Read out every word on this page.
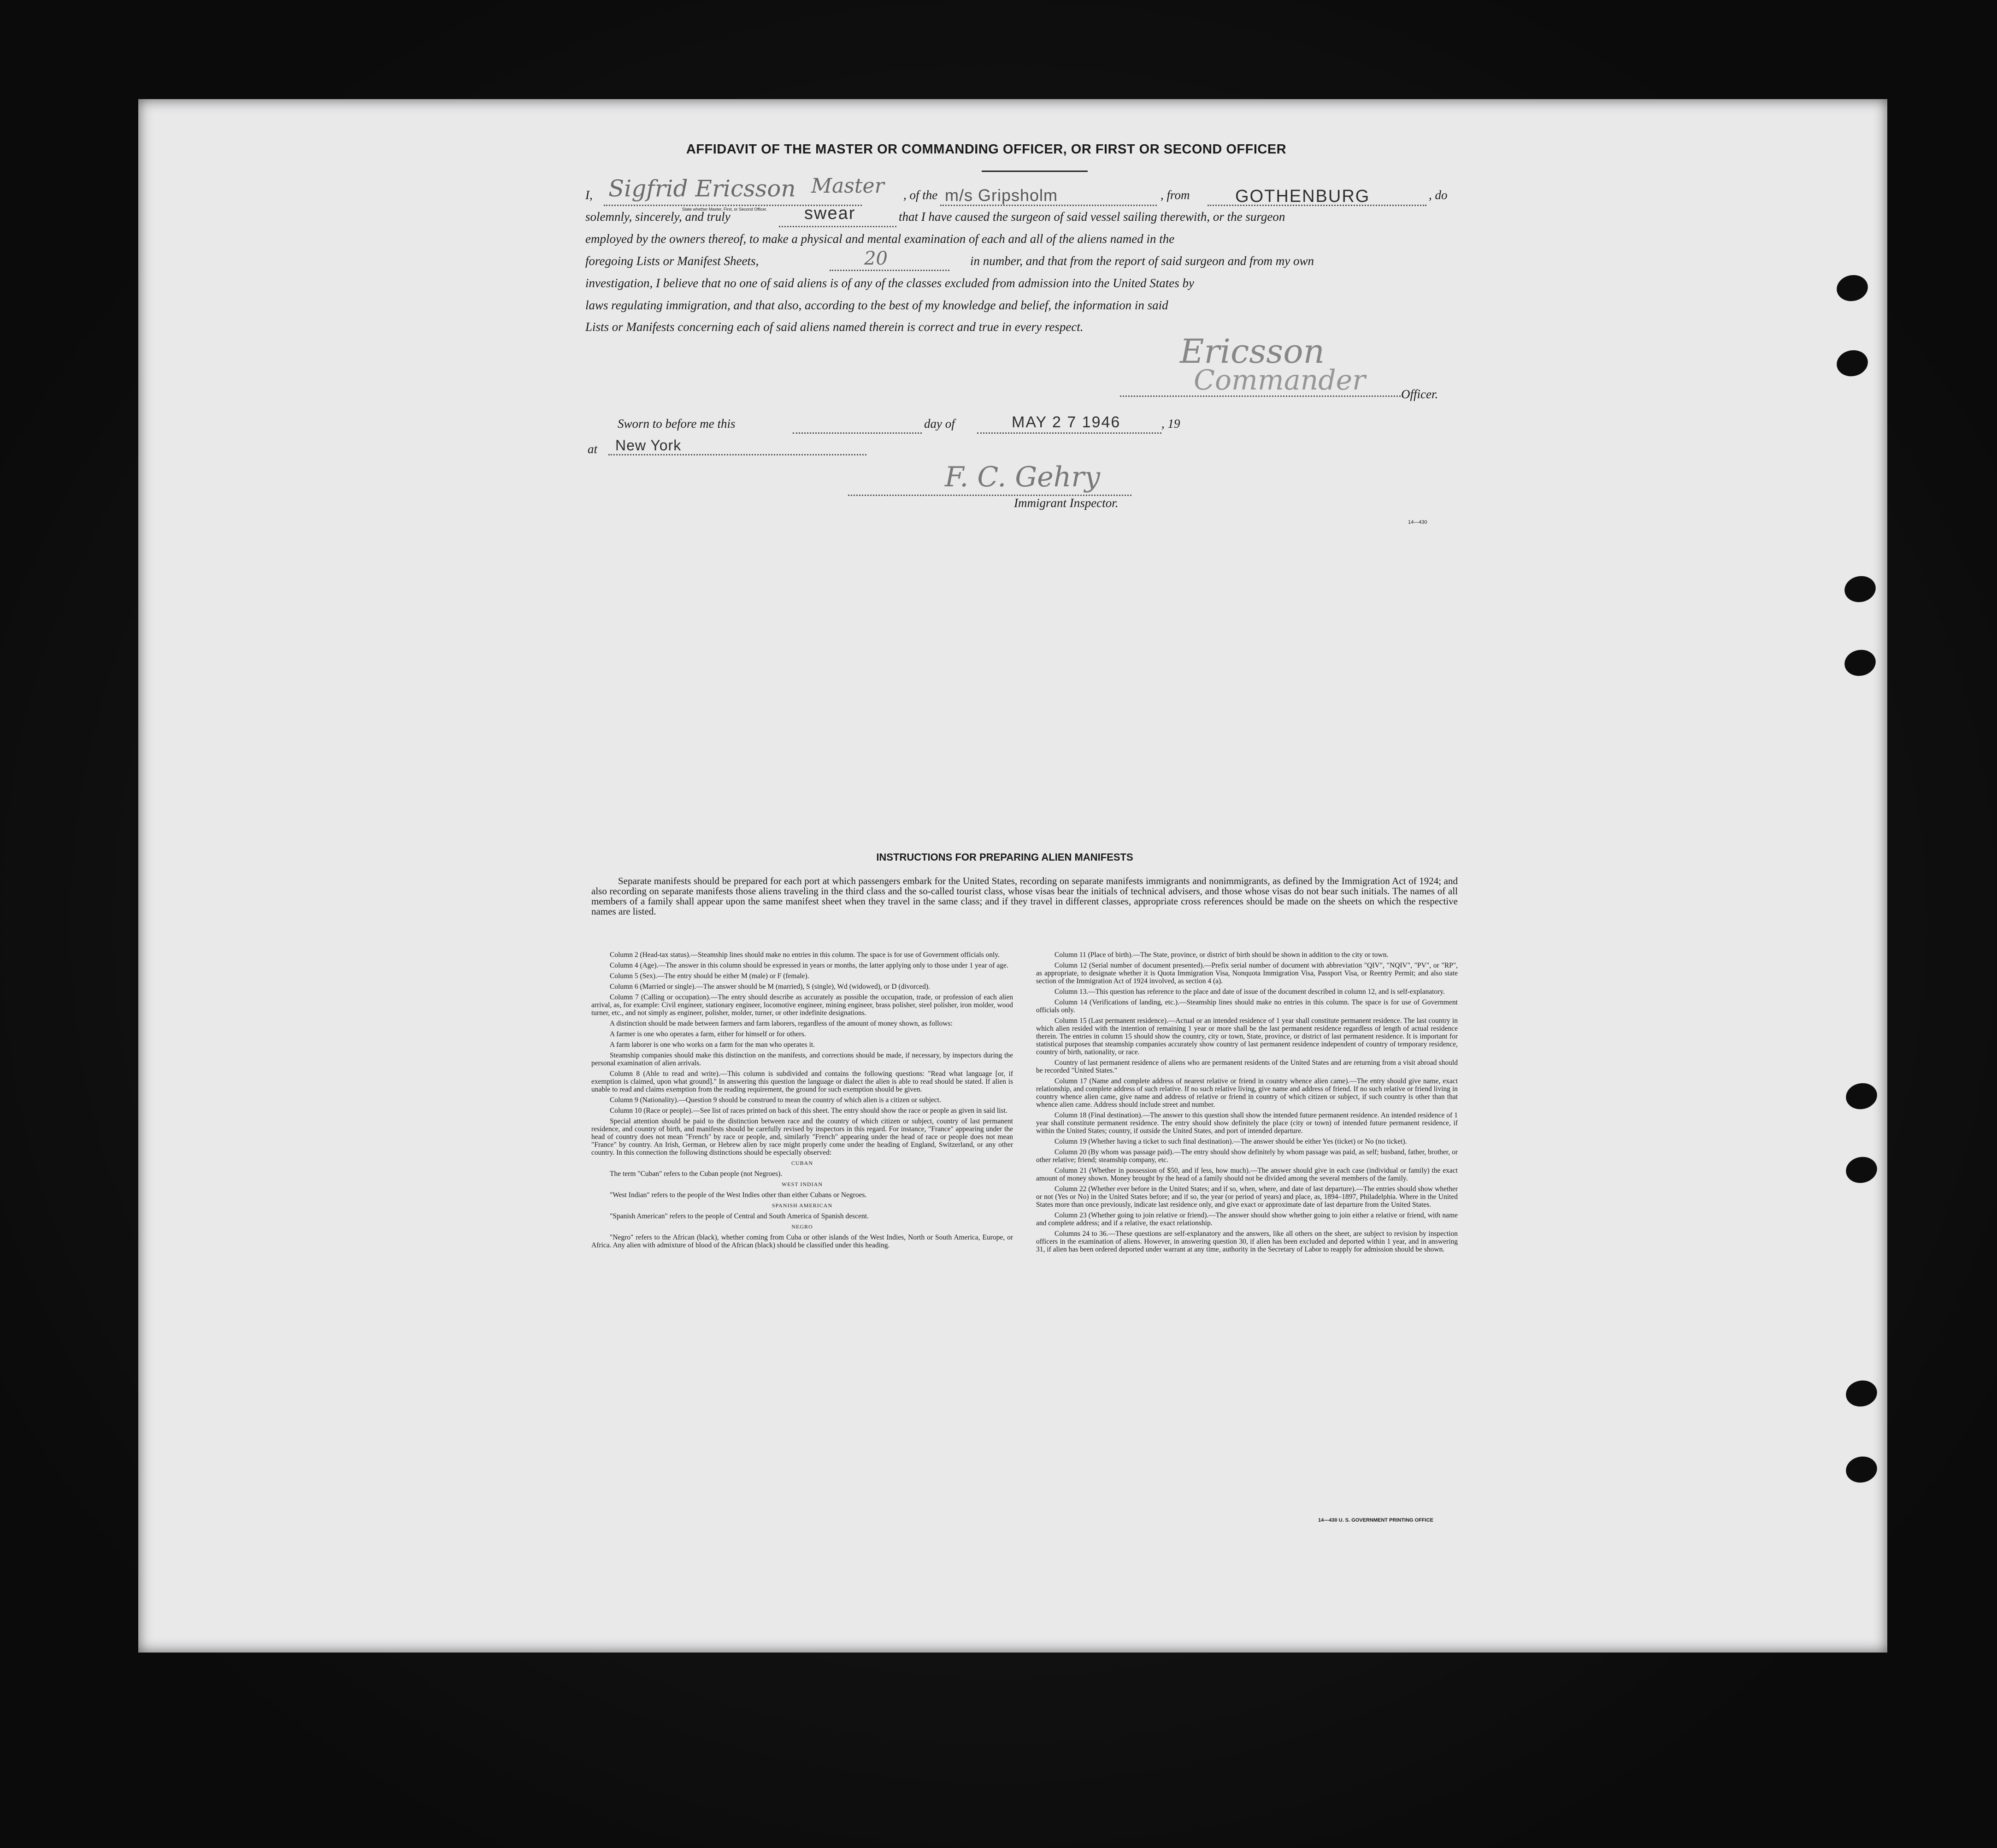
AFFIDAVIT OF THE MASTER OR COMMANDING OFFICER, OR FIRST OR SECOND OFFICER
I,	, of the	, from	, do
Sigfrid Ericsson Master
State whether Master, First, or Second Officer.
m/s Gripsholm	GOTHENBURG
solemnly, sincerely, and truly	that I have caused the surgeon of said vessel sailing therewith, or the surgeon
swear
employed by the owners thereof, to make a physical and mental examination of each and all of the aliens named in the
foregoing Lists or Manifest Sheets,	in number, and that from the report of said surgeon and from my own
20
investigation, I believe that no one of said aliens is of any of the classes excluded from admission into the United States by
laws regulating immigration, and that also, according to the best of my knowledge and belief, the information in said
Lists or Manifests concerning each of said aliens named therein is correct and true in every respect.
Ericsson
Commander	Officer.
Sworn to before me this	day of	, 19
MAY 2 7 1946
at New York
F. C. Gehry
Immigrant Inspector.
14—430
INSTRUCTIONS FOR PREPARING ALIEN MANIFESTS
Separate manifests should be prepared for each port at which passengers embark for the United States, recording on separate manifests immigrants and nonimmigrants, as defined by the Immigration Act of 1924; and also recording on separate manifests those aliens traveling in the third class and the so-called tourist class, whose visas bear the initials of technical advisers, and those whose visas do not bear such initials. The names of all members of a family shall appear upon the same manifest sheet when they travel in the same class; and if they travel in different classes, appropriate cross references should be made on the sheets on which the respective names are listed.

Column 2 (Head-tax status).—Steamship lines should make no entries in this column. The space is for use of Government officials only.

Column 4 (Age).—The answer in this column should be expressed in years or months, the latter applying only to those under 1 year of age.

Column 5 (Sex).—The entry should be either M (male) or F (female).

Column 6 (Married or single).—The answer should be M (married), S (single), Wd (widowed), or D (divorced).

Column 7 (Calling or occupation).—The entry should describe as accurately as possible the occupation, trade, or profession of each alien arrival, as, for example: Civil engineer, stationary engineer, locomotive engineer, mining engineer, brass polisher, steel polisher, iron molder, wood turner, etc., and not simply as engineer, polisher, molder, turner, or other indefinite designations.

A distinction should be made between farmers and farm laborers, regardless of the amount of money shown, as follows:

A farmer is one who operates a farm, either for himself or for others.

A farm laborer is one who works on a farm for the man who operates it.

Steamship companies should make this distinction on the manifests, and corrections should be made, if necessary, by inspectors during the personal examination of alien arrivals.

Column 8 (Able to read and write).—This column is subdivided and contains the following questions: "Read what language [or, if exemption is claimed, upon what ground]." In answering this question the language or dialect the alien is able to read should be stated. If alien is unable to read and claims exemption from the reading requirement, the ground for such exemption should be given.

Column 9 (Nationality).—Question 9 should be construed to mean the country of which alien is a citizen or subject.

Column 10 (Race or people).—See list of races printed on back of this sheet. The entry should show the race or people as given in said list.

Special attention should be paid to the distinction between race and the country of which citizen or subject, country of last permanent residence, and country of birth, and manifests should be carefully revised by inspectors in this regard. For instance, "France" appearing under the head of country does not mean "French" by race or people, and, similarly "French" appearing under the head of race or people does not mean "France" by country. An Irish, German, or Hebrew alien by race might properly come under the heading of England, Switzerland, or any other country. In this connection the following distinctions should be especially observed:

CUBAN

The term "Cuban" refers to the Cuban people (not Negroes).

WEST INDIAN

"West Indian" refers to the people of the West Indies other than either Cubans or Negroes.

SPANISH AMERICAN

"Spanish American" refers to the people of Central and South America of Spanish descent.

NEGRO

"Negro" refers to the African (black), whether coming from Cuba or other islands of the West Indies, North or South America, Europe, or Africa. Any alien with admixture of blood of the African (black) should be classified under this heading.

Column 11 (Place of birth).—The State, province, or district of birth should be shown in addition to the city or town.

Column 12 (Serial number of document presented).—Prefix serial number of document with abbreviation "QIV", "NQIV", "PV", or "RP", as appropriate, to designate whether it is Quota Immigration Visa, Nonquota Immigration Visa, Passport Visa, or Reentry Permit; and also state section of the Immigration Act of 1924 involved, as section 4 (a).

Column 13.—This question has reference to the place and date of issue of the document described in column 12, and is self-explanatory.

Column 14 (Verifications of landing, etc.).—Steamship lines should make no entries in this column. The space is for use of Government officials only.

Column 15 (Last permanent residence).—Actual or an intended residence of 1 year shall constitute permanent residence. The last country in which alien resided with the intention of remaining 1 year or more shall be the last permanent residence regardless of length of actual residence therein. The entries in column 15 should show the country, city or town, State, province, or district of last permanent residence. It is important for statistical purposes that steamship companies accurately show country of last permanent residence independent of country of temporary residence, country of birth, nationality, or race.

Country of last permanent residence of aliens who are permanent residents of the United States and are returning from a visit abroad should be recorded "United States."

Column 17 (Name and complete address of nearest relative or friend in country whence alien came).—The entry should give name, exact relationship, and complete address of such relative. If no such relative living, give name and address of friend. If no such relative or friend living in country whence alien came, give name and address of relative or friend in country of which citizen or subject, if such country is other than that whence alien came. Address should include street and number.

Column 18 (Final destination).—The answer to this question shall show the intended future permanent residence. An intended residence of 1 year shall constitute permanent residence. The entry should show definitely the place (city or town) of intended future permanent residence, if within the United States; country, if outside the United States, and port of intended departure.

Column 19 (Whether having a ticket to such final destination).—The answer should be either Yes (ticket) or No (no ticket).

Column 20 (By whom was passage paid).—The entry should show definitely by whom passage was paid, as self; husband, father, brother, or other relative; friend; steamship company, etc.

Column 21 (Whether in possession of $50, and if less, how much).—The answer should give in each case (individual or family) the exact amount of money shown. Money brought by the head of a family should not be divided among the several members of the family.

Column 22 (Whether ever before in the United States; and if so, when, where, and date of last departure).—The entries should show whether or not (Yes or No) in the United States before; and if so, the year (or period of years) and place, as, 1894–1897, Philadelphia. Where in the United States more than once previously, indicate last residence only, and give exact or approximate date of last departure from the United States.

Column 23 (Whether going to join relative or friend).—The answer should show whether going to join either a relative or friend, with name and complete address; and if a relative, the exact relationship.

Columns 24 to 36.—These questions are self-explanatory and the answers, like all others on the sheet, are subject to revision by inspection officers in the examination of aliens. However, in answering question 30, if alien has been excluded and deported within 1 year, and in answering 31, if alien has been ordered deported under warrant at any time, authority in the Secretary of Labor to reapply for admission should be shown.

14—430 U. S. GOVERNMENT PRINTING OFFICE
